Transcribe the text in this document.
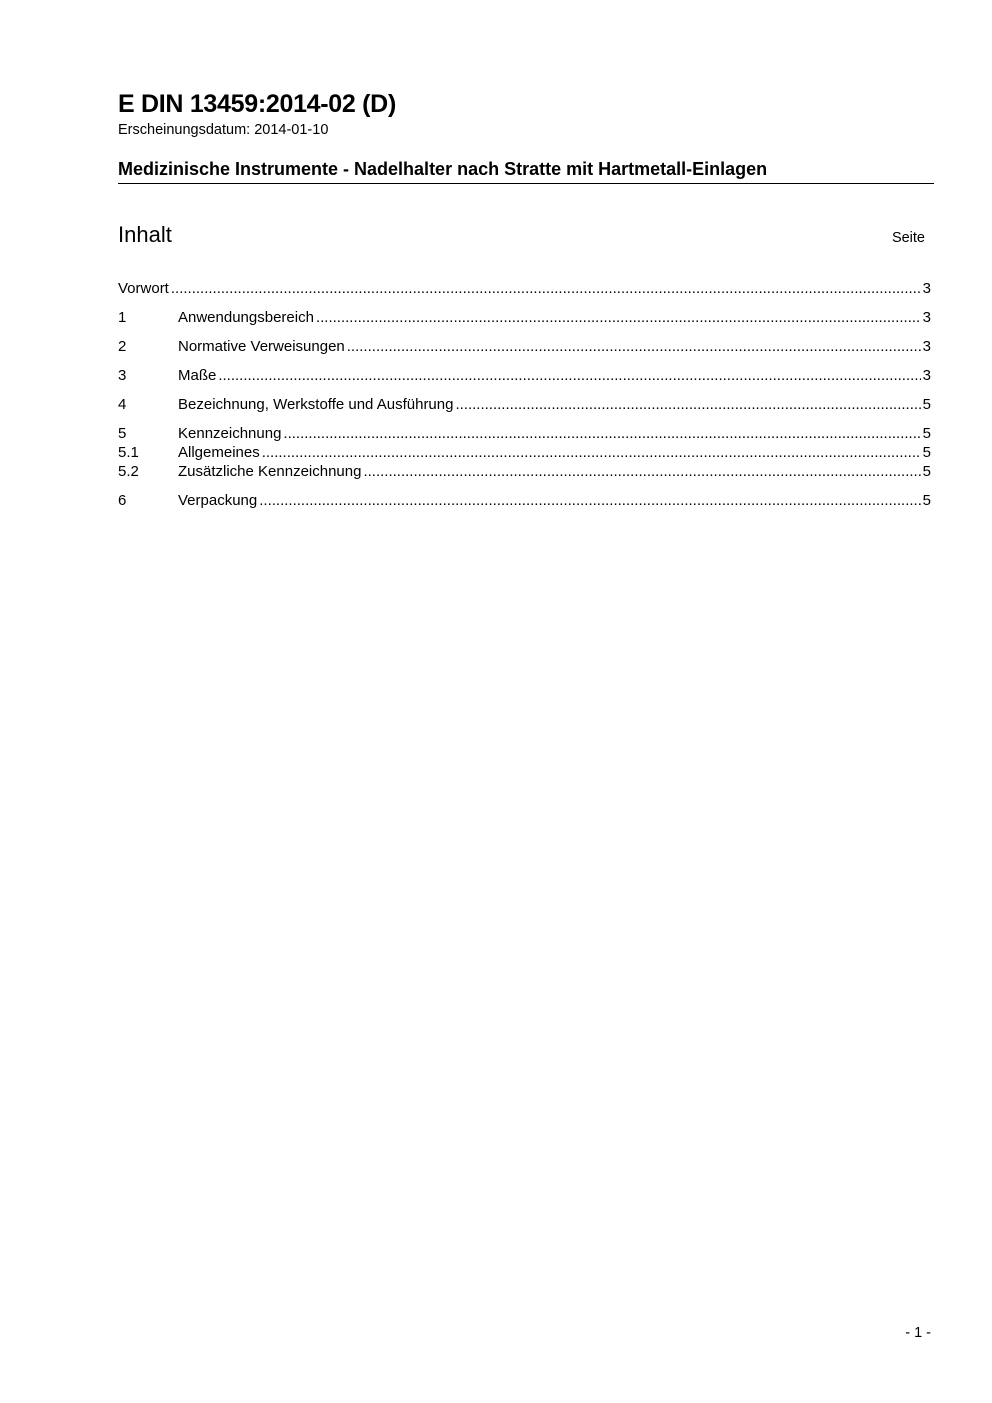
E DIN 13459:2014-02 (D)
Erscheinungsdatum: 2014-01-10
Medizinische Instrumente - Nadelhalter nach Stratte mit Hartmetall-Einlagen
Inhalt	Seite
Vorwort .....	3
1	Anwendungsbereich .....	3
2	Normative Verweisungen .....	3
3	Maße .....	3
4	Bezeichnung, Werkstoffe und Ausführung .....	5
5	Kennzeichnung .....	5
5.1	Allgemeines .....	5
5.2	Zusätzliche Kennzeichnung .....	5
6	Verpackung .....	5
- 1 -
